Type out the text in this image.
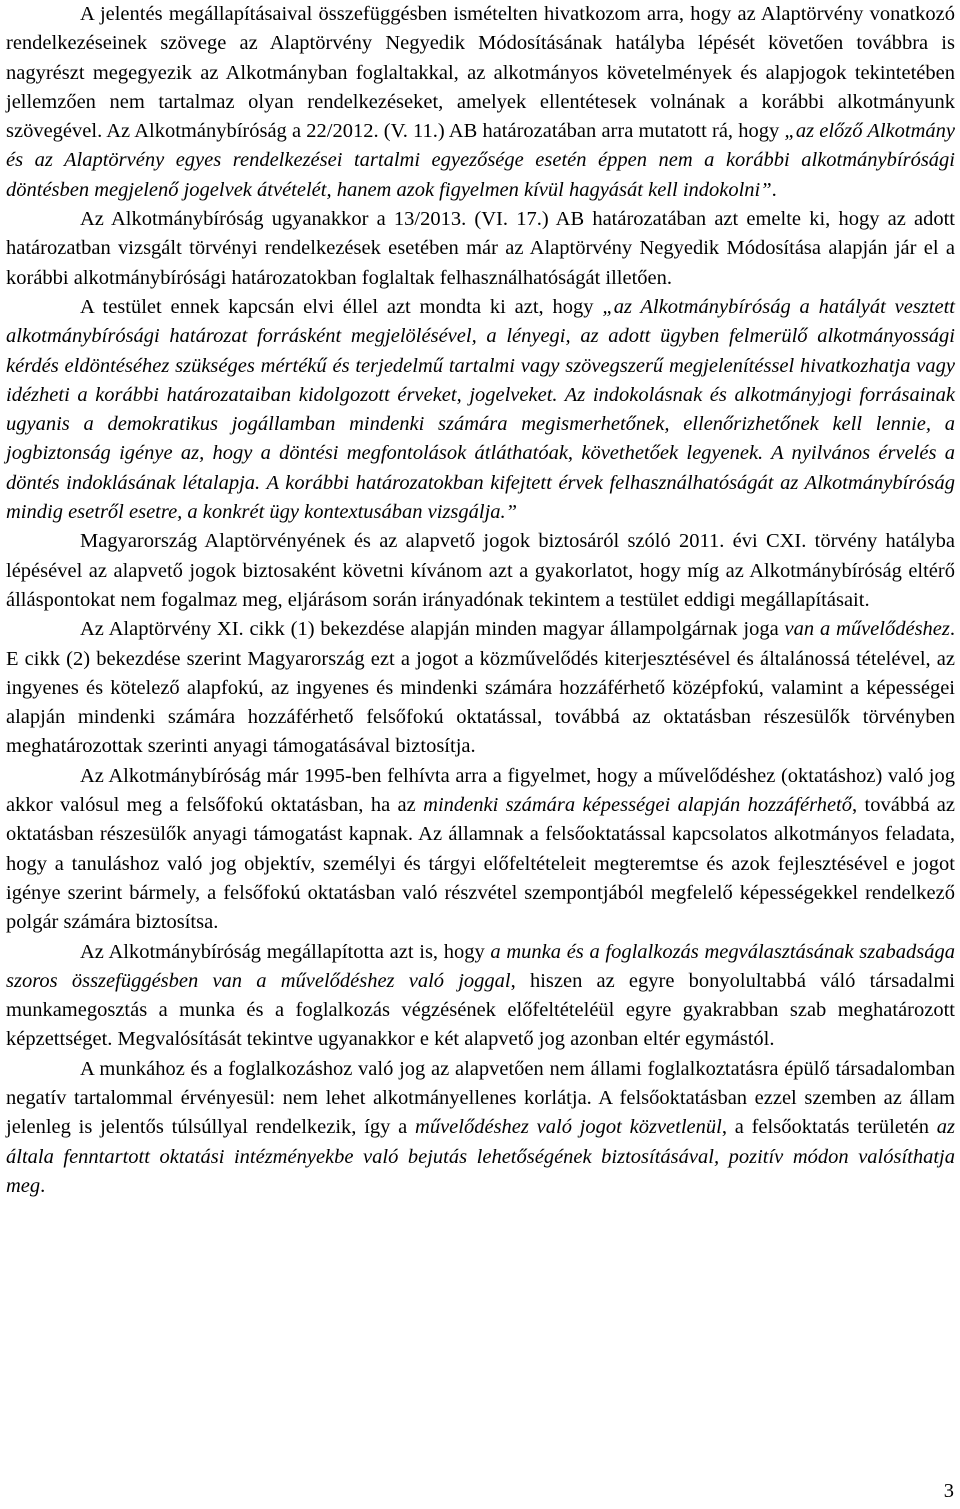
A jelentés megállapításaival összefüggésben ismételten hivatkozom arra, hogy az Alaptörvény vonatkozó rendelkezéseinek szövege az Alaptörvény Negyedik Módosításának hatályba lépését követően továbbra is nagyrészt megegyezik az Alkotmányban foglaltakkal, az alkotmányos követelmények és alapjogok tekintetében jellemzően nem tartalmaz olyan rendelkezéseket, amelyek ellentétesek volnának a korábbi alkotmányunk szövegével. Az Alkotmánybíróság a 22/2012. (V. 11.) AB határozatában arra mutatott rá, hogy „az előző Alkotmány és az Alaptörvény egyes rendelkezései tartalmi egyezősége esetén éppen nem a korábbi alkotmánybírósági döntésben megjelenő jogelvek átvételét, hanem azok figyelmen kívül hagyását kell indokolni”.

Az Alkotmánybíróság ugyanakkor a 13/2013. (VI. 17.) AB határozatában azt emelte ki, hogy az adott határozatban vizsgált törvényi rendelkezések esetében már az Alaptörvény Negyedik Módosítása alapján jár el a korábbi alkotmánybírósági határozatokban foglaltak felhasználhatóságát illetően.

A testület ennek kapcsán elvi éllel azt mondta ki azt, hogy „az Alkotmánybíróság a hatályát vesztett alkotmánybírósági határozat forrásként megjelölésével, a lényegi, az adott ügyben felmerülő alkotmányossági kérdés eldöntéséhez szükséges mértékű és terjedelmű tartalmi vagy szövegszerű megjelenítéssel hivatkozhatja vagy idézheti a korábbi határozataiban kidolgozott érveket, jogelveket. Az indokolásnak és alkotmányjogi forrásainak ugyanis a demokratikus jogállamban mindenki számára megismerhetőnek, ellenőrizhetőnek kell lennie, a jogbiztonság igénye az, hogy a döntési megfontolások átláthatóak, követhetőek legyenek. A nyilvános érvelés a döntés indoklásának létalapja. A korábbi határozatokban kifejtett érvek felhasználhatóságát az Alkotmánybíróság mindig esetről esetre, a konkrét ügy kontextusában vizsgálja.”

Magyarország Alaptörvényének és az alapvető jogok biztosáról szóló 2011. évi CXI. törvény hatályba lépésével az alapvető jogok biztosaként követni kívánom azt a gyakorlatot, hogy míg az Alkotmánybíróság eltérő álláspontokat nem fogalmaz meg, eljárásom során irányadónak tekintem a testület eddigi megállapításait.

Az Alaptörvény XI. cikk (1) bekezdése alapján minden magyar állampolgárnak joga van a művelődéshez. E cikk (2) bekezdése szerint Magyarország ezt a jogot a közművelődés kiterjesztésével és általánossá tételével, az ingyenes és kötelező alapfokú, az ingyenes és mindenki számára hozzáférhető középfokú, valamint a képességei alapján mindenki számára hozzáférhető felsőfokú oktatással, továbbá az oktatásban részesülők törvényben meghatározottak szerinti anyagi támogatásával biztosítja.

Az Alkotmánybíróság már 1995-ben felhívta arra a figyelmet, hogy a művelődéshez (oktatáshoz) való jog akkor valósul meg a felsőfokú oktatásban, ha az mindenki számára képességei alapján hozzáférhető, továbbá az oktatásban részesülők anyagi támogatást kapnak. Az államnak a felsőoktatással kapcsolatos alkotmányos feladata, hogy a tanuláshoz való jog objektív, személyi és tárgyi előfeltételeit megteremtse és azok fejlesztésével e jogot igénye szerint bármely, a felsőfokú oktatásban való részvétel szempontjából megfelelő képességekkel rendelkező polgár számára biztosítsa.

Az Alkotmánybíróság megállapította azt is, hogy a munka és a foglalkozás megválasztásának szabadsága szoros összefüggésben van a művelődéshez való joggal, hiszen az egyre bonyolultabbá váló társadalmi munkamegosztás a munka és a foglalkozás végzésének előfeltételéül egyre gyakrabban szab meghatározott képzettséget. Megvalósítását tekintve ugyanakkor e két alapvető jog azonban eltér egymástól.

A munkához és a foglalkozáshoz való jog az alapvetően nem állami foglalkoztatásra épülő társadalomban negatív tartalommal érvényesül: nem lehet alkotmányellenes korlátja. A felsőoktatásban ezzel szemben az állam jelenleg is jelentős túlsúllyal rendelkezik, így a művelődéshez való jogot közvetlenül, a felsőoktatás területén az általa fenntartott oktatási intézményekbe való bejutás lehetőségének biztosításával, pozitív módon valósíthatja meg.

3
